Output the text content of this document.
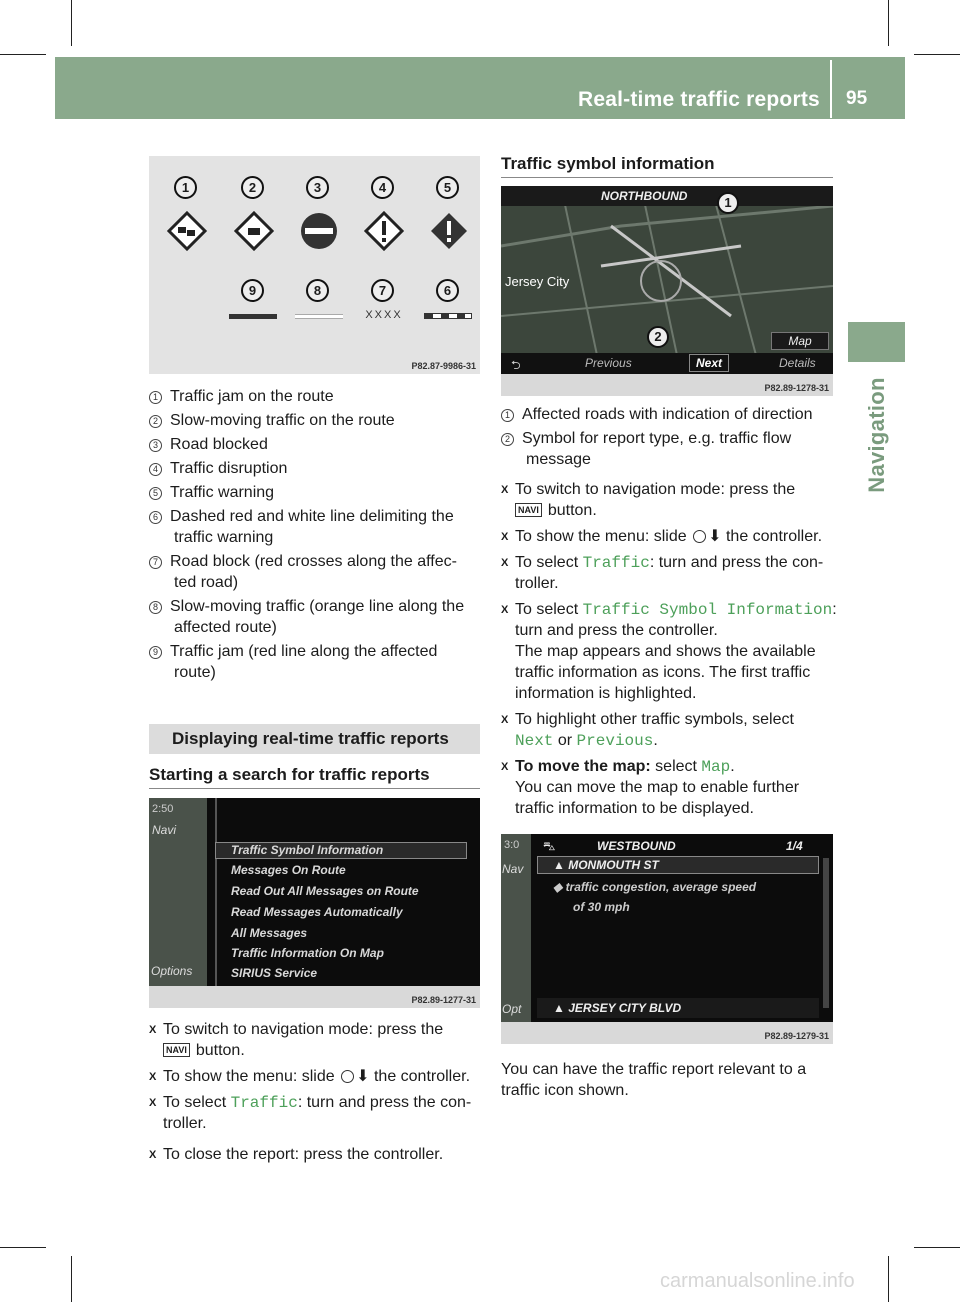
Real-time traffic reports 95
Navigation
1	2	3	4	5
9	8	7	6
XXXX
P82.87-9986-31
1 Traffic jam on the route
2 Slow-moving traffic on the route
3 Road blocked
4 Traffic disruption
5 Traffic warning
6 Dashed red and white line delimiting the
traffic warning
7 Road block (red crosses along the affec-
ted road)
8 Slow-moving traffic (orange line along the
affected route)
9 Traffic jam (red line along the affected
route)
Displaying real-time traffic reports
Starting a search for traffic reports
2:50
Navi
Options
Traffic Symbol Information
Messages On Route
Read Out All Messages on Route
Read Messages Automatically
All Messages
Traffic Information On Map
SIRIUS Service
P82.89-1277-31
X To switch to navigation mode: press the
NAVI button.
X To show the menu: slide ⬇ the controller.
X To select Traffic: turn and press the con-
troller.
X To close the report: press the controller.
Traffic symbol information
NORTHBOUND
Jersey City
1
2	Map
⮌	Previous	Next	Details
P82.89-1278-31
1 Affected roads with indication of direction
2 Symbol for report type, e.g. traffic flow
message
X To switch to navigation mode: press the
NAVI button.
X To show the menu: slide ⬇ the controller.
X To select Traffic: turn and press the con-
troller.
X To select Traffic Symbol Information:
turn and press the controller.
The map appears and shows the available
traffic information as icons. The first traffic
information is highlighted.
X To highlight other traffic symbols, select
Next or Previous.
X To move the map: select Map.
You can move the map to enable further
traffic information to be displayed.
3:0
Nav
Opt
⛍	WESTBOUND	1/4
▲ MONMOUTH ST
◆ traffic congestion, average speed
of 30 mph
▲ JERSEY CITY BLVD
P82.89-1279-31
You can have the traffic report relevant to a
traffic icon shown.
carmanualsonline.info
